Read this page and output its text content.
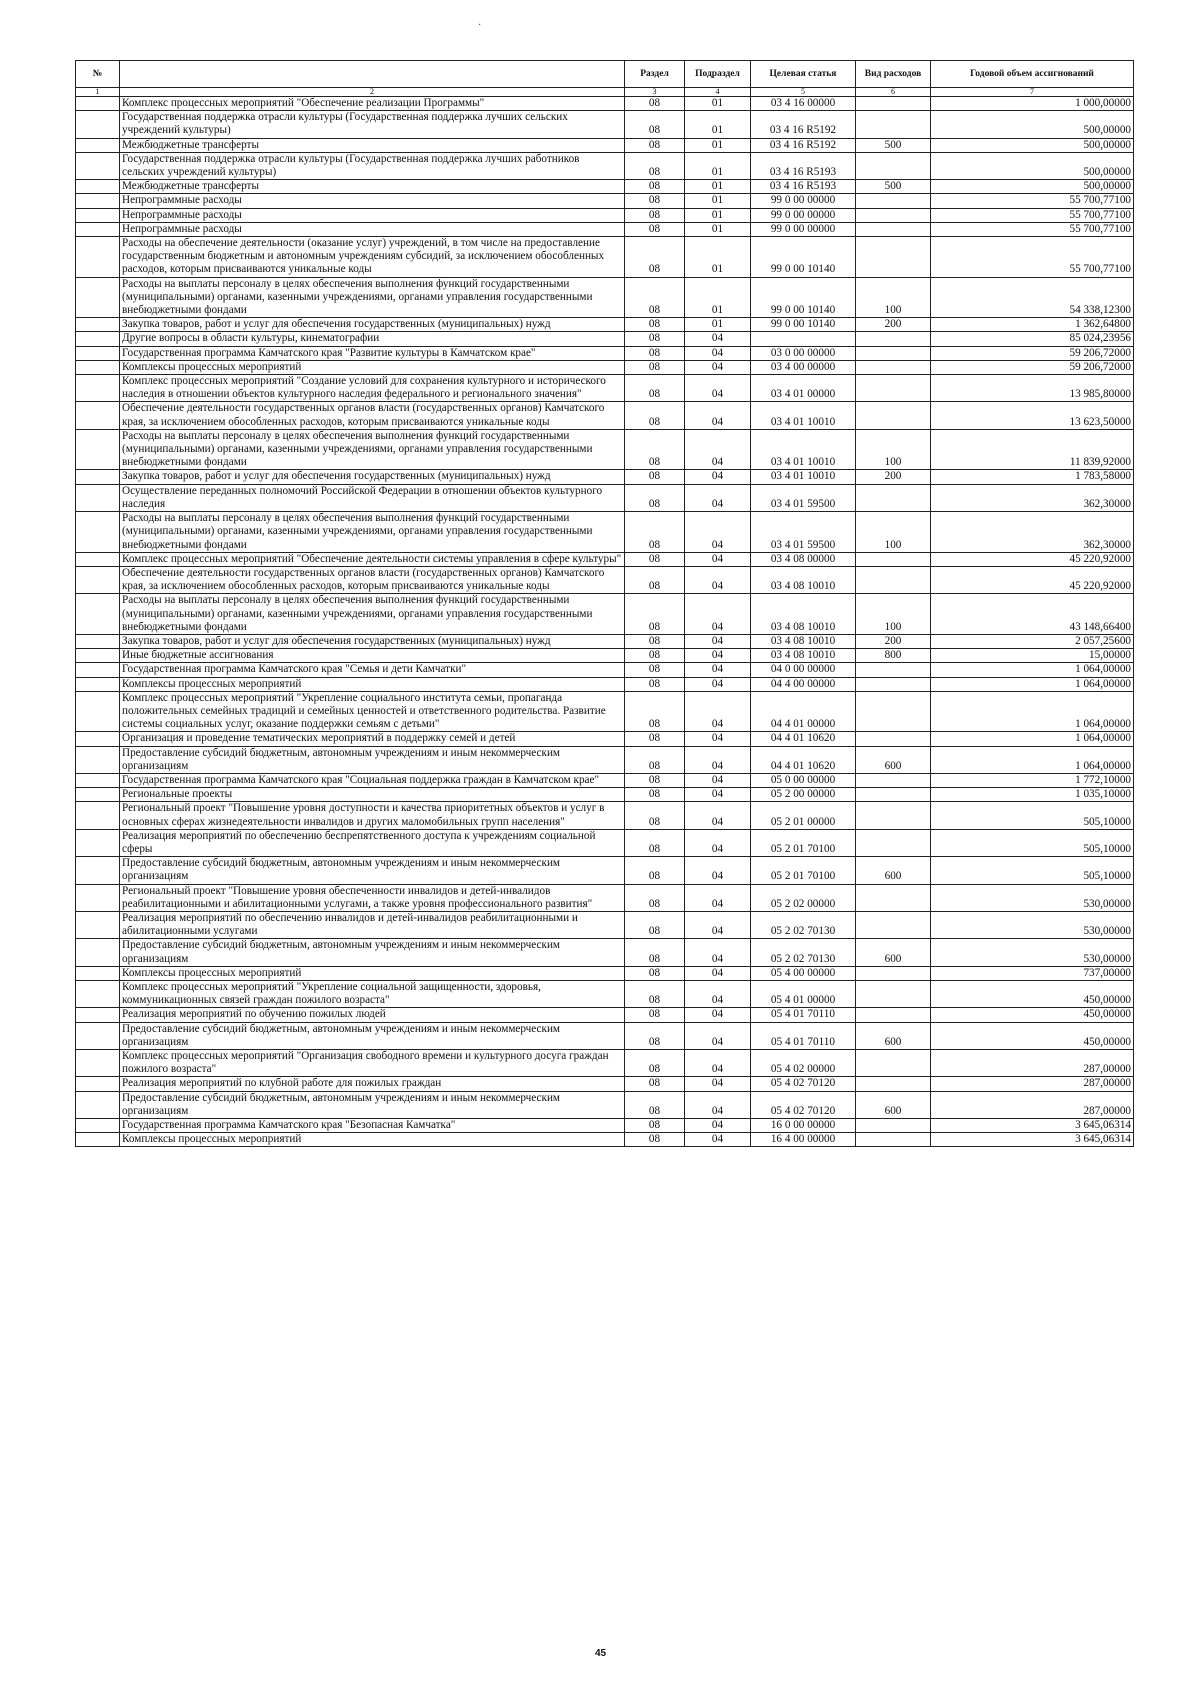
·
№		Раздел	Подраздел	Целевая статья	Вид расходов	Годовой объем ассигнований
1	2	3	4	5	6	7
	Комплекс процессных мероприятий "Обеспечение реализации Программы"	08	01	03 4 16 00000		1 000,00000
	Государственная поддержка отрасли культуры (Государственная поддержка лучших сельских учреждений культуры)	08	01	03 4 16 R5192		500,00000
	Межбюджетные трансферты	08	01	03 4 16 R5192	500	500,00000
	Государственная поддержка отрасли культуры (Государственная поддержка лучших работников сельских учреждений культуры)	08	01	03 4 16 R5193		500,00000
	Межбюджетные трансферты	08	01	03 4 16 R5193	500	500,00000
	Непрограммные расходы	08	01	99 0 00 00000		55 700,77100
	Непрограммные расходы	08	01	99 0 00 00000		55 700,77100
	Непрограммные расходы	08	01	99 0 00 00000		55 700,77100
	Расходы на обеспечение деятельности (оказание услуг) учреждений, в том числе на предоставление государственным бюджетным и автономным учреждениям субсидий, за исключением обособленных расходов, которым присваиваются уникальные коды	08	01	99 0 00 10140		55 700,77100
	Расходы на выплаты персоналу в целях обеспечения выполнения функций государственными (муниципальными) органами, казенными учреждениями, органами управления государственными внебюджетными фондами	08	01	99 0 00 10140	100	54 338,12300
	Закупка товаров, работ и услуг для обеспечения государственных (муниципальных) нужд	08	01	99 0 00 10140	200	1 362,64800
	Другие вопросы в области культуры, кинематографии	08	04			85 024,23956
	Государственная программа Камчатского края "Развитие культуры в Камчатском крае"	08	04	03 0 00 00000		59 206,72000
	Комплексы процессных мероприятий	08	04	03 4 00 00000		59 206,72000
	Комплекс процессных мероприятий "Создание условий для сохранения культурного и исторического наследия в отношении объектов культурного наследия федерального и регионального значения"	08	04	03 4 01 00000		13 985,80000
	Обеспечение деятельности государственных органов власти (государственных органов) Камчатского края, за исключением обособленных расходов, которым присваиваются уникальные коды	08	04	03 4 01 10010		13 623,50000
	Расходы на выплаты персоналу в целях обеспечения выполнения функций государственными (муниципальными) органами, казенными учреждениями, органами управления государственными внебюджетными фондами	08	04	03 4 01 10010	100	11 839,92000
	Закупка товаров, работ и услуг для обеспечения государственных (муниципальных) нужд	08	04	03 4 01 10010	200	1 783,58000
	Осуществление переданных полномочий Российской Федерации в отношении объектов культурного наследия	08	04	03 4 01 59500		362,30000
	Расходы на выплаты персоналу в целях обеспечения выполнения функций государственными (муниципальными) органами, казенными учреждениями, органами управления государственными внебюджетными фондами	08	04	03 4 01 59500	100	362,30000
	Комплекс процессных мероприятий "Обеспечение деятельности системы управления в сфере культуры"	08	04	03 4 08 00000		45 220,92000
	Обеспечение деятельности государственных органов власти (государственных органов) Камчатского края, за исключением обособленных расходов, которым присваиваются уникальные коды	08	04	03 4 08 10010		45 220,92000
	Расходы на выплаты персоналу в целях обеспечения выполнения функций государственными (муниципальными) органами, казенными учреждениями, органами управления государственными внебюджетными фондами	08	04	03 4 08 10010	100	43 148,66400
	Закупка товаров, работ и услуг для обеспечения государственных (муниципальных) нужд	08	04	03 4 08 10010	200	2 057,25600
	Иные бюджетные ассигнования	08	04	03 4 08 10010	800	15,00000
	Государственная программа Камчатского края "Семья и дети Камчатки"	08	04	04 0 00 00000		1 064,00000
	Комплексы процессных мероприятий	08	04	04 4 00 00000		1 064,00000
	Комплекс процессных мероприятий "Укрепление социального института семьи, пропаганда положительных семейных традиций и семейных ценностей и ответственного родительства. Развитие системы социальных услуг, оказание поддержки семьям с детьми"	08	04	04 4 01 00000		1 064,00000
	Организация и проведение тематических мероприятий в поддержку семей и детей	08	04	04 4 01 10620		1 064,00000
	Предоставление субсидий бюджетным, автономным учреждениям и иным некоммерческим организациям	08	04	04 4 01 10620	600	1 064,00000
	Государственная программа Камчатского края "Социальная поддержка граждан в Камчатском крае"	08	04	05 0 00 00000		1 772,10000
	Региональные проекты	08	04	05 2 00 00000		1 035,10000
	Региональный проект "Повышение уровня доступности и качества приоритетных объектов и услуг в основных сферах жизнедеятельности инвалидов и других маломобильных групп населения"	08	04	05 2 01 00000		505,10000
	Реализация мероприятий по обеспечению беспрепятственного доступа к учреждениям социальной сферы	08	04	05 2 01 70100		505,10000
	Предоставление субсидий бюджетным, автономным учреждениям и иным некоммерческим организациям	08	04	05 2 01 70100	600	505,10000
	Региональный проект "Повышение уровня обеспеченности инвалидов и детей-инвалидов реабилитационными и абилитационными услугами, а также уровня профессионального развития"	08	04	05 2 02 00000		530,00000
	Реализация мероприятий по обеспечению инвалидов и детей-инвалидов реабилитационными и абилитационными услугами	08	04	05 2 02 70130		530,00000
	Предоставление субсидий бюджетным, автономным учреждениям и иным некоммерческим организациям	08	04	05 2 02 70130	600	530,00000
	Комплексы процессных мероприятий	08	04	05 4 00 00000		737,00000
	Комплекс процессных мероприятий "Укрепление социальной защищенности, здоровья, коммуникационных связей граждан пожилого возраста"	08	04	05 4 01 00000		450,00000
	Реализация мероприятий по обучению пожилых людей	08	04	05 4 01 70110		450,00000
	Предоставление субсидий бюджетным, автономным учреждениям и иным некоммерческим организациям	08	04	05 4 01 70110	600	450,00000
	Комплекс процессных мероприятий "Организация свободного времени и культурного досуга граждан пожилого возраста"	08	04	05 4 02 00000		287,00000
	Реализация мероприятий по клубной работе для пожилых граждан	08	04	05 4 02 70120		287,00000
	Предоставление субсидий бюджетным, автономным учреждениям и иным некоммерческим организациям	08	04	05 4 02 70120	600	287,00000
	Государственная программа Камчатского края "Безопасная Камчатка"	08	04	16 0 00 00000		3 645,06314
	Комплексы процессных мероприятий	08	04	16 4 00 00000		3 645,06314
45
